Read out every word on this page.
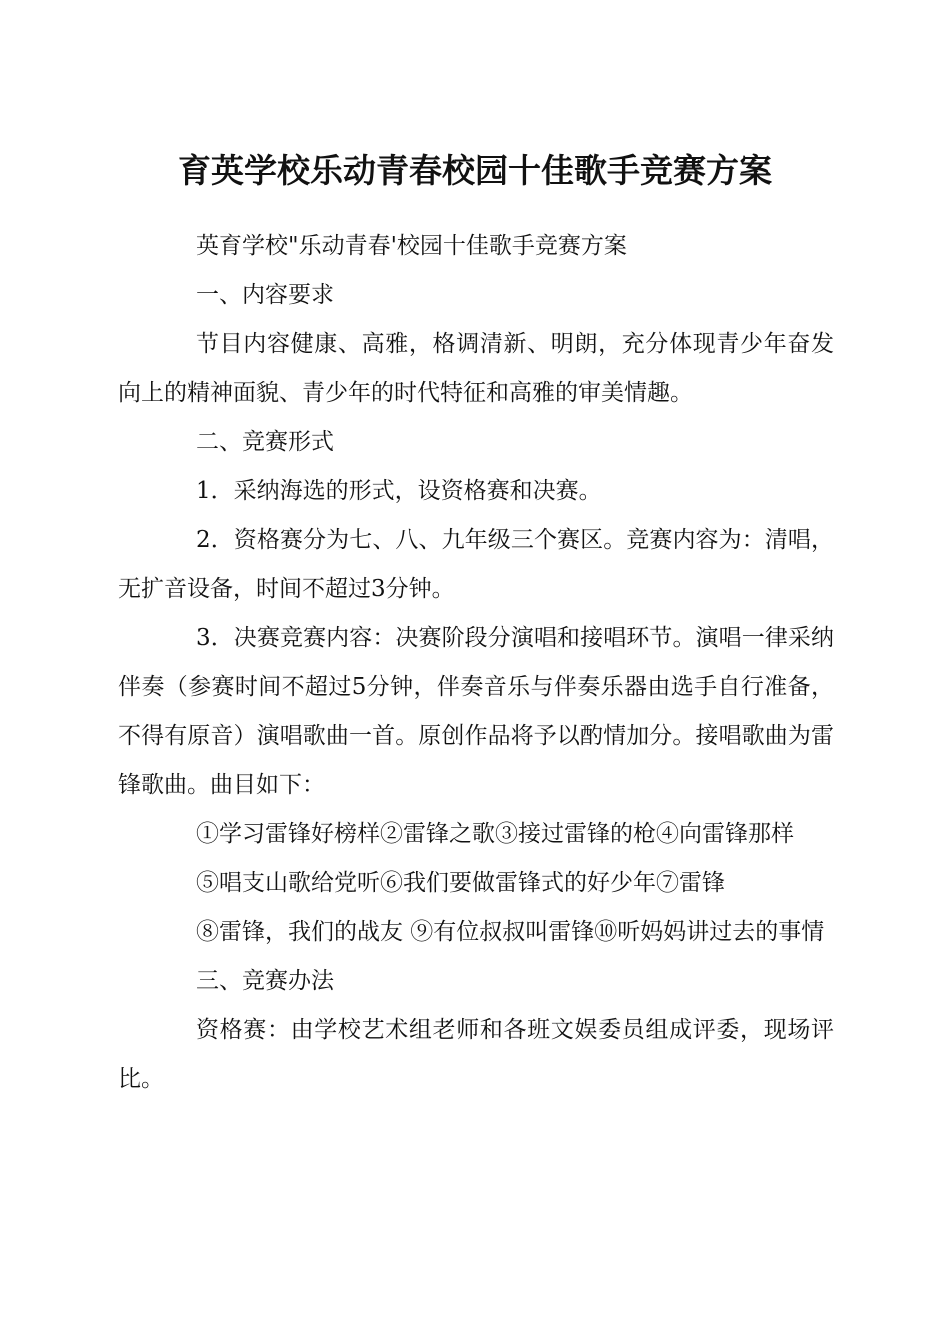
育英学校乐动青春校园十佳歌手竞赛方案

英育学校"乐动青春'校园十佳歌手竞赛方案

一、内容要求

节目内容健康、高雅，格调清新、明朗，充分体现青少年奋发向上的精神面貌、青少年的时代特征和高雅的审美情趣。

二、竞赛形式

1．采纳海选的形式，设资格赛和决赛。

2．资格赛分为七、八、九年级三个赛区。竞赛内容为：清唱，无扩音设备，时间不超过3分钟。

3．决赛竞赛内容：决赛阶段分演唱和接唱环节。演唱一律采纳伴奏（参赛时间不超过5分钟，伴奏音乐与伴奏乐器由选手自行准备，不得有原音）演唱歌曲一首。原创作品将予以酌情加分。接唱歌曲为雷锋歌曲。曲目如下：

①学习雷锋好榜样②雷锋之歌③接过雷锋的枪④向雷锋那样

⑤唱支山歌给党听⑥我们要做雷锋式的好少年⑦雷锋

⑧雷锋，我们的战友 ⑨有位叔叔叫雷锋⑩听妈妈讲过去的事情

三、竞赛办法

资格赛：由学校艺术组老师和各班文娱委员组成评委，现场评比。
